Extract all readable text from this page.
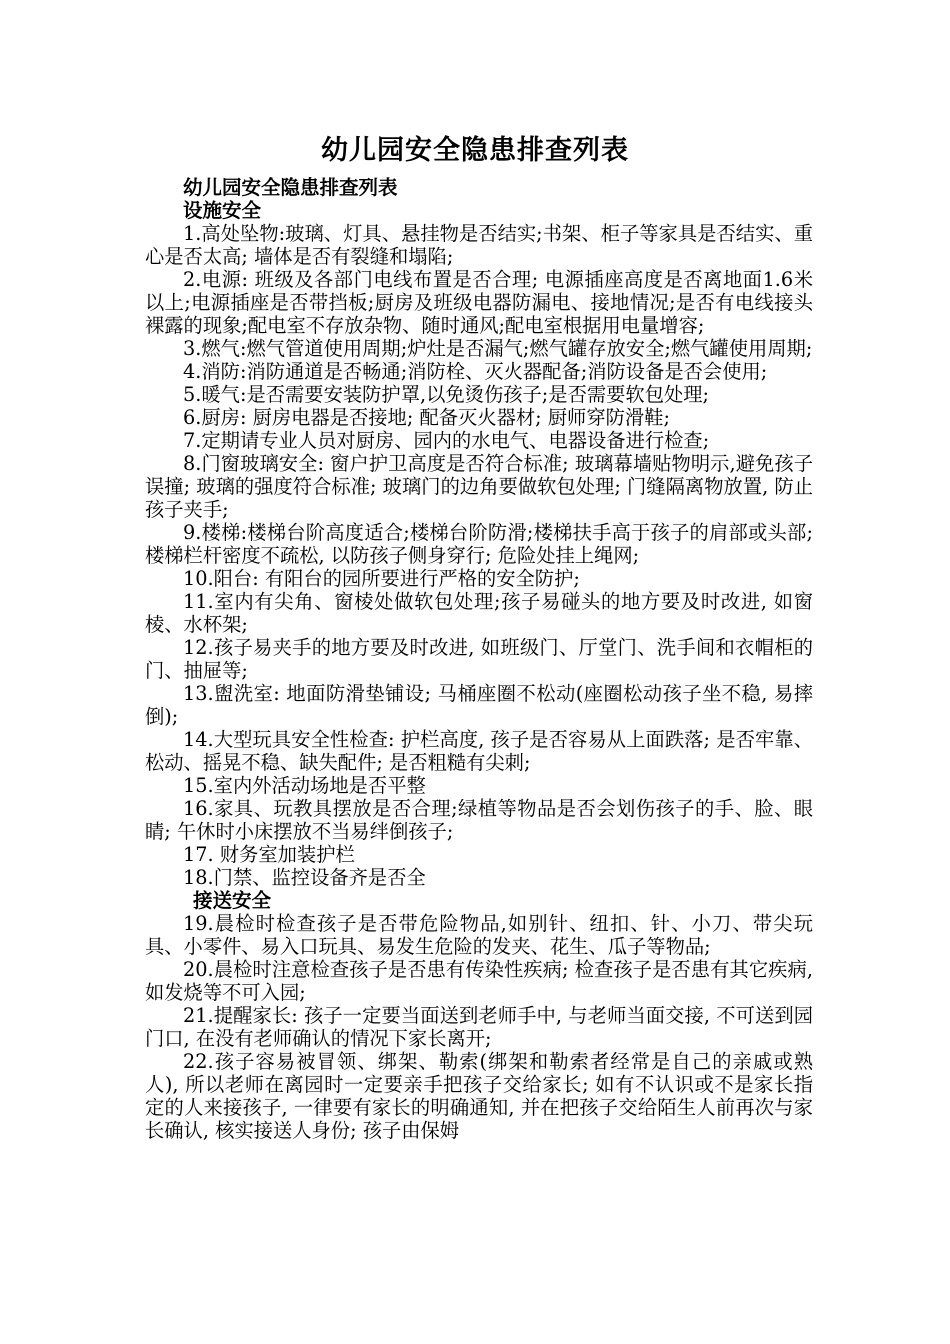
幼儿园安全隐患排查列表

幼儿园安全隐患排查列表

设施安全

1.高处坠物:玻璃、灯具、悬挂物是否结实;书架、柜子等家具是否结实、重心是否太高; 墙体是否有裂缝和塌陷;

2.电源: 班级及各部门电线布置是否合理; 电源插座高度是否离地面1.6米以上;电源插座是否带挡板;厨房及班级电器防漏电、接地情况;是否有电线接头裸露的现象;配电室不存放杂物、随时通风;配电室根据用电量增容;

3.燃气:燃气管道使用周期;炉灶是否漏气;燃气罐存放安全;燃气罐使用周期;

4.消防:消防通道是否畅通;消防栓、灭火器配备;消防设备是否会使用;

5.暖气:是否需要安装防护罩,以免烫伤孩子;是否需要软包处理;

6.厨房: 厨房电器是否接地; 配备灭火器材; 厨师穿防滑鞋;

7.定期请专业人员对厨房、园内的水电气、电器设备进行检查;

8.门窗玻璃安全: 窗户护卫高度是否符合标准; 玻璃幕墙贴物明示,避免孩子误撞; 玻璃的强度符合标准; 玻璃门的边角要做软包处理; 门缝隔离物放置, 防止孩子夹手;

9.楼梯:楼梯台阶高度适合;楼梯台阶防滑;楼梯扶手高于孩子的肩部或头部; 楼梯栏杆密度不疏松, 以防孩子侧身穿行; 危险处挂上绳网;

10.阳台: 有阳台的园所要进行严格的安全防护;

11.室内有尖角、窗棱处做软包处理;孩子易碰头的地方要及时改进, 如窗棱、水杯架;

12.孩子易夹手的地方要及时改进, 如班级门、厅堂门、洗手间和衣帽柜的门、抽屉等;

13.盥洗室: 地面防滑垫铺设; 马桶座圈不松动(座圈松动孩子坐不稳, 易摔倒);

14.大型玩具安全性检查: 护栏高度, 孩子是否容易从上面跌落; 是否牢靠、松动、摇晃不稳、缺失配件; 是否粗糙有尖刺;

15.室内外活动场地是否平整

16.家具、玩教具摆放是否合理;绿植等物品是否会划伤孩子的手、脸、眼睛; 午休时小床摆放不当易绊倒孩子;

17. 财务室加装护栏

18.门禁、监控设备齐是否全

接送安全

19.晨检时检查孩子是否带危险物品,如别针、纽扣、针、小刀、带尖玩具、小零件、易入口玩具、易发生危险的发夹、花生、瓜子等物品;

20.晨检时注意检查孩子是否患有传染性疾病; 检查孩子是否患有其它疾病, 如发烧等不可入园;

21.提醒家长: 孩子一定要当面送到老师手中, 与老师当面交接, 不可送到园门口, 在没有老师确认的情况下家长离开;

22.孩子容易被冒领、绑架、勒索(绑架和勒索者经常是自己的亲戚或熟人), 所以老师在离园时一定要亲手把孩子交给家长; 如有不认识或不是家长指定的人来接孩子, 一律要有家长的明确通知, 并在把孩子交给陌生人前再次与家长确认, 核实接送人身份; 孩子由保姆
